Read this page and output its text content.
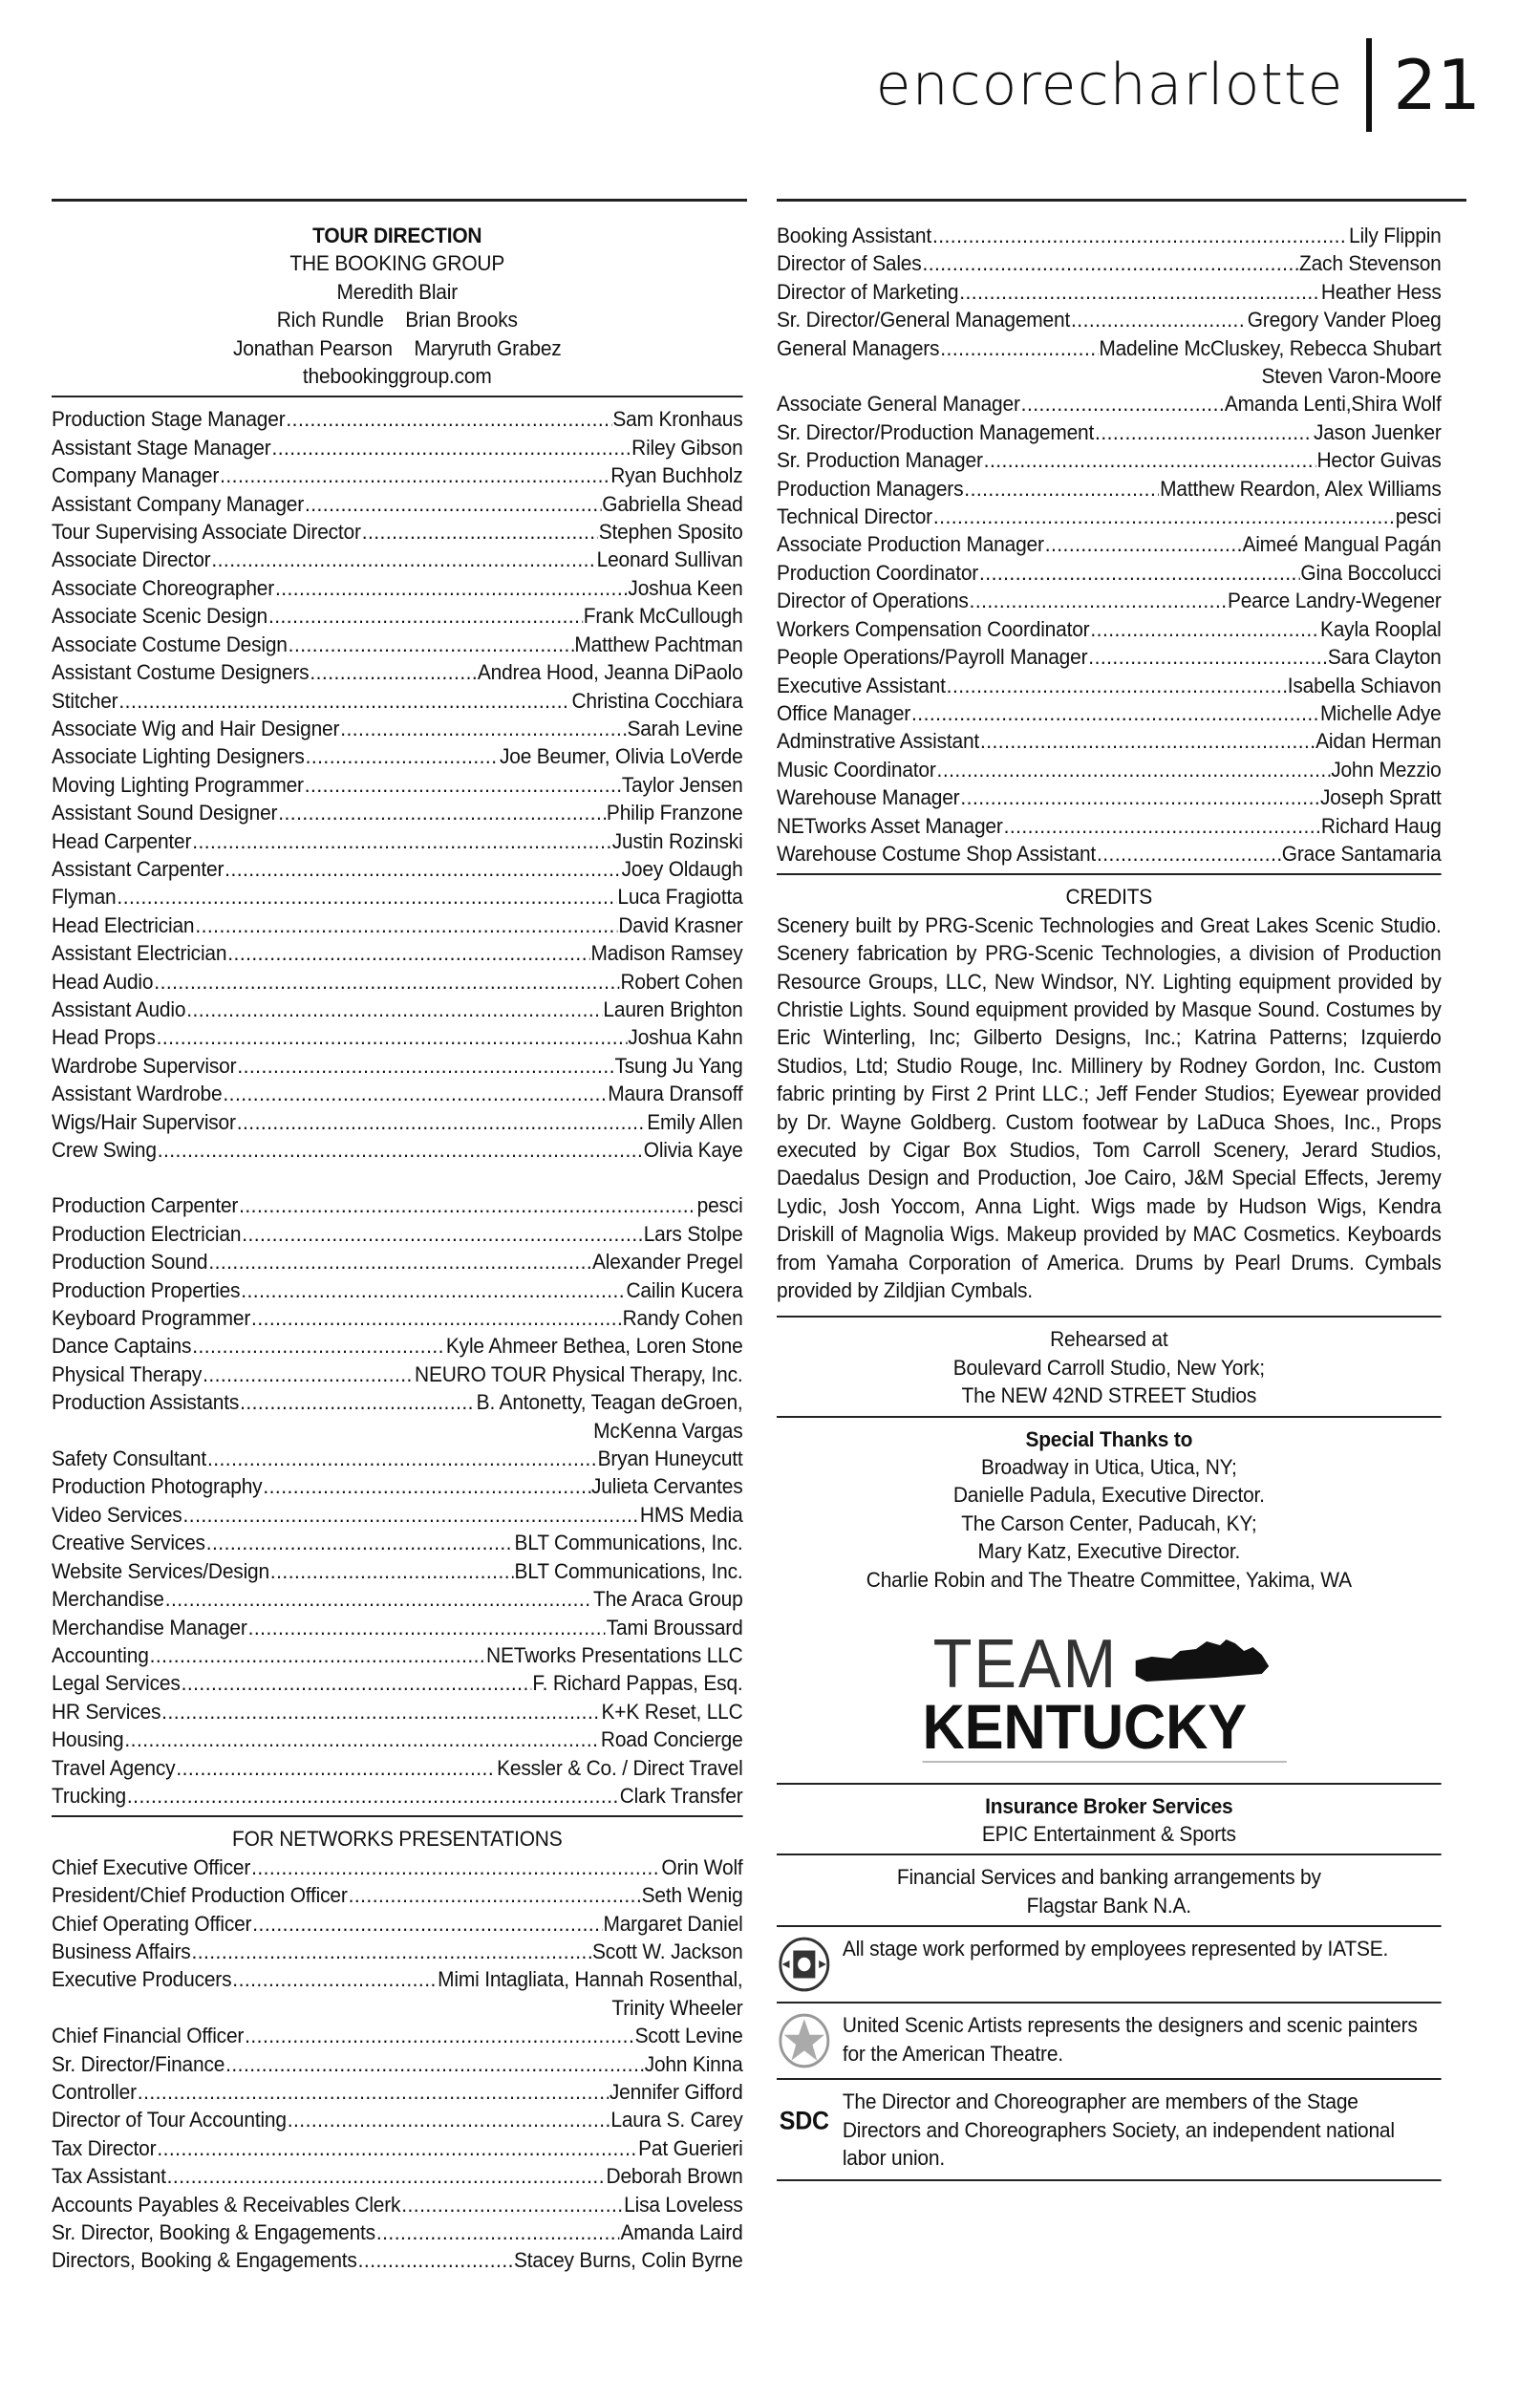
encorecharlotte 21
TOUR DIRECTION
THE BOOKING GROUP
Meredith Blair
Rich Rundle    Brian Brooks
Jonathan Pearson    Maryruth Grabez
thebookinggroup.com
Production Stage Manager .....	Sam Kronhaus
Assistant Stage Manager .....	Riley Gibson
Company Manager .....	Ryan Buchholz
Assistant Company Manager .....	Gabriella Shead
Tour Supervising Associate Director .....	Stephen Sposito
Associate Director .....	Leonard Sullivan
Associate Choreographer .....	Joshua Keen
Associate Scenic Design .....	Frank McCullough
Associate Costume Design .....	Matthew Pachtman
Assistant Costume Designers .....	Andrea Hood, Jeanna DiPaolo
Stitcher .....	Christina Cocchiara
Associate Wig and Hair Designer .....	Sarah Levine
Associate Lighting Designers .....	Joe Beumer, Olivia LoVerde
Moving Lighting Programmer .....	Taylor Jensen
Assistant Sound Designer .....	Philip Franzone
Head Carpenter .....	Justin Rozinski
Assistant Carpenter .....	Joey Oldaugh
Flyman .....	Luca Fragiotta
Head Electrician .....	David Krasner
Assistant Electrician .....	Madison Ramsey
Head Audio .....	Robert Cohen
Assistant Audio .....	Lauren Brighton
Head Props .....	Joshua Kahn
Wardrobe Supervisor .....	Tsung Ju Yang
Assistant Wardrobe .....	Maura Dransoff
Wigs/Hair Supervisor .....	Emily Allen
Crew Swing .....	Olivia Kaye
Production Carpenter .....	pesci
Production Electrician .....	Lars Stolpe
Production Sound .....	Alexander Pregel
Production Properties .....	Cailin Kucera
Keyboard Programmer .....	Randy Cohen
Dance Captains .....	Kyle Ahmeer Bethea, Loren Stone
Physical Therapy .....	NEURO TOUR Physical Therapy, Inc.
Production Assistants .....	B. Antonetty, Teagan deGroen,
McKenna Vargas
Safety Consultant .....	Bryan Huneycutt
Production Photography .....	Julieta Cervantes
Video Services .....	HMS Media
Creative Services .....	BLT Communications, Inc.
Website Services/Design .....	BLT Communications, Inc.
Merchandise .....	The Araca Group
Merchandise Manager .....	Tami Broussard
Accounting .....	NETworks Presentations LLC
Legal Services .....	F. Richard Pappas, Esq.
HR Services .....	K+K Reset, LLC
Housing .....	Road Concierge
Travel Agency .....	Kessler & Co. / Direct Travel
Trucking .....	Clark Transfer
FOR NETWORKS PRESENTATIONS
Chief Executive Officer .....	Orin Wolf
President/Chief Production Officer .....	Seth Wenig
Chief Operating Officer .....	Margaret Daniel
Business Affairs .....	Scott W. Jackson
Executive Producers .....	Mimi Intagliata, Hannah Rosenthal,
Trinity Wheeler
Chief Financial Officer .....	Scott Levine
Sr. Director/Finance .....	John Kinna
Controller .....	Jennifer Gifford
Director of Tour Accounting .....	Laura S. Carey
Tax Director .....	Pat Guerieri
Tax Assistant .....	Deborah Brown
Accounts Payables & Receivables Clerk .....	Lisa Loveless
Sr. Director, Booking & Engagements .....	Amanda Laird
Directors, Booking & Engagements .....	Stacey Burns, Colin Byrne
Booking Assistant .....	Lily Flippin
Director of Sales .....	Zach Stevenson
Director of Marketing .....	Heather Hess
Sr. Director/General Management .....	Gregory Vander Ploeg
General Managers .....	Madeline McCluskey, Rebecca Shubart
Steven Varon-Moore
Associate General Manager .....	Amanda Lenti,Shira Wolf
Sr. Director/Production Management .....	Jason Juenker
Sr. Production Manager .....	Hector Guivas
Production Managers .....	Matthew Reardon, Alex Williams
Technical Director .....	pesci
Associate Production Manager .....	Aimeé Mangual Pagán
Production Coordinator .....	Gina Boccolucci
Director of Operations .....	Pearce Landry-Wegener
Workers Compensation Coordinator .....	Kayla Rooplal
People Operations/Payroll Manager .....	Sara Clayton
Executive Assistant .....	Isabella Schiavon
Office Manager .....	Michelle Adye
Adminstrative Assistant .....	Aidan Herman
Music Coordinator .....	John Mezzio
Warehouse Manager .....	Joseph Spratt
NETworks Asset Manager .....	Richard Haug
Warehouse Costume Shop Assistant .....	Grace Santamaria
CREDITS
Scenery built by PRG-Scenic Technologies and Great Lakes Scenic Studio. Scenery fabrication by PRG-Scenic Technologies, a division of Production Resource Groups, LLC, New Windsor, NY. Lighting equipment provided by Christie Lights. Sound equipment provided by Masque Sound. Costumes by Eric Winterling, Inc; Gilberto Designs, Inc.; Katrina Patterns; Izquierdo Studios, Ltd; Studio Rouge, Inc. Millinery by Rodney Gordon, Inc. Custom fabric printing by First 2 Print LLC.; Jeff Fender Studios; Eyewear provided by Dr. Wayne Goldberg. Custom footwear by LaDuca Shoes, Inc., Props executed by Cigar Box Studios, Tom Carroll Scenery, Jerard Studios, Daedalus Design and Production, Joe Cairo, J&M Special Effects, Jeremy Lydic, Josh Yoccom, Anna Light. Wigs made by Hudson Wigs, Kendra Driskill of Magnolia Wigs. Makeup provided by MAC Cosmetics. Keyboards from Yamaha Corporation of America. Drums by Pearl Drums. Cymbals provided by Zildjian Cymbals.
Rehearsed at
Boulevard Carroll Studio, New York;
The NEW 42ND STREET Studios
Special Thanks to
Broadway in Utica, Utica, NY;
Danielle Padula, Executive Director.
The Carson Center, Paducah, KY;
Mary Katz, Executive Director.
Charlie Robin and The Theatre Committee, Yakima, WA
TEAM
KENTUCKY
Insurance Broker Services
EPIC Entertainment & Sports
Financial Services and banking arrangements by
Flagstar Bank N.A.
All stage work performed by employees represented by IATSE.
United Scenic Artists represents the designers and scenic painters for the American Theatre.
SDC
The Director and Choreographer are members of the Stage Directors and Choreographers Society, an independent national labor union.
